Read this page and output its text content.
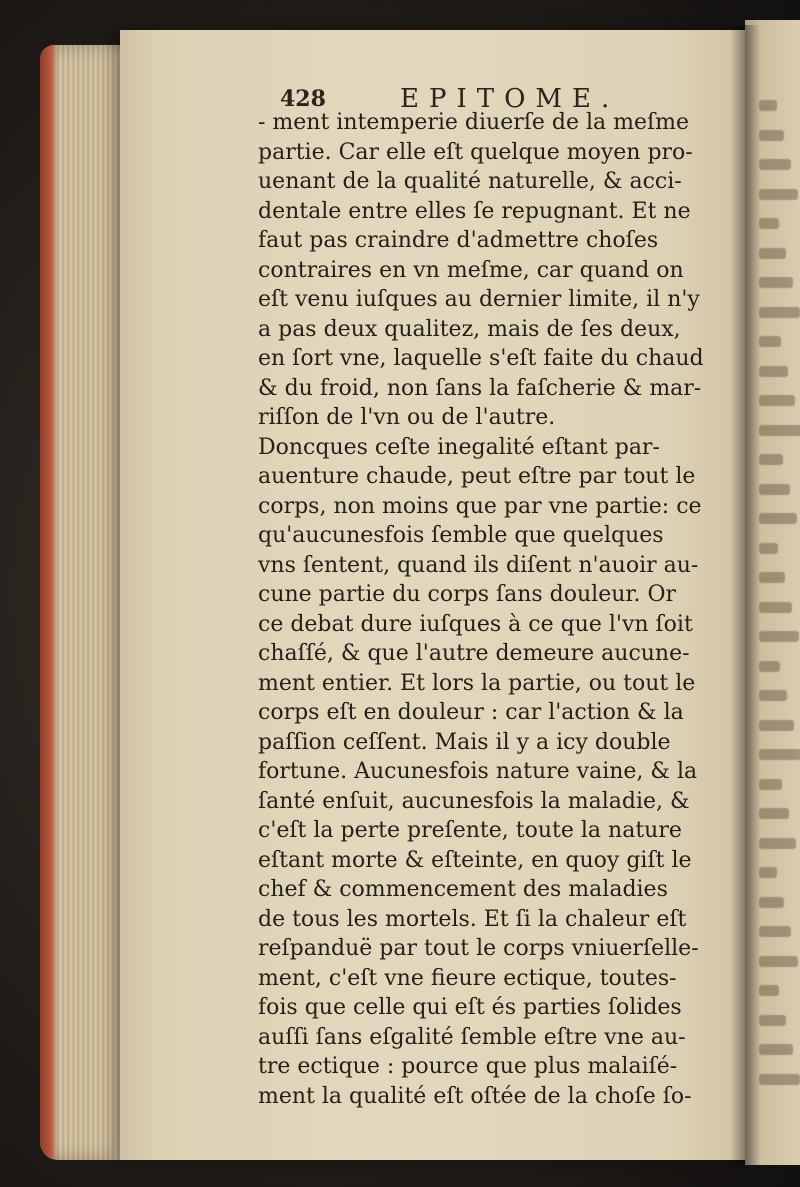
428	EPITOME.
- ment intemperie diuerſe de la meſme
partie. Car elle eſt quelque moyen pro-
uenant de la qualité naturelle, & acci-
dentale entre elles ſe repugnant. Et ne
faut pas craindre d'admettre choſes
contraires en vn meſme, car quand on
eſt venu iuſques au dernier limite, il n'y
a pas deux qualitez, mais de ſes deux,
en ſort vne, laquelle s'eſt faite du chaud
& du froid, non ſans la faſcherie & mar-
riſſon de l'vn ou de l'autre.
Doncques ceſte inegalité eſtant par-
auenture chaude, peut eſtre par tout le
corps, non moins que par vne partie: ce
qu'aucunesfois ſemble que quelques
vns ſentent, quand ils diſent n'auoir au-
cune partie du corps ſans douleur. Or
ce debat dure iuſques à ce que l'vn ſoit
chaſſé, & que l'autre demeure aucune-
ment entier. Et lors la partie, ou tout le
corps eſt en douleur : car l'action & la
paſſion ceſſent. Mais il y a icy double
fortune. Aucunesfois nature vaine, & la
ſanté enſuit, aucunesfois la maladie, &
c'eſt la perte preſente, toute la nature
eſtant morte & eſteinte, en quoy giſt le
chef & commencement des maladies
de tous les mortels. Et ſi la chaleur eſt
reſpanduë par tout le corps vniuerſelle-
ment, c'eſt vne fieure ectique, toutes-
fois que celle qui eſt és parties ſolides
auſſi ſans eſgalité ſemble eſtre vne au-
tre ectique : pource que plus malaiſé-
ment la qualité eſt oſtée de la choſe ſo-
